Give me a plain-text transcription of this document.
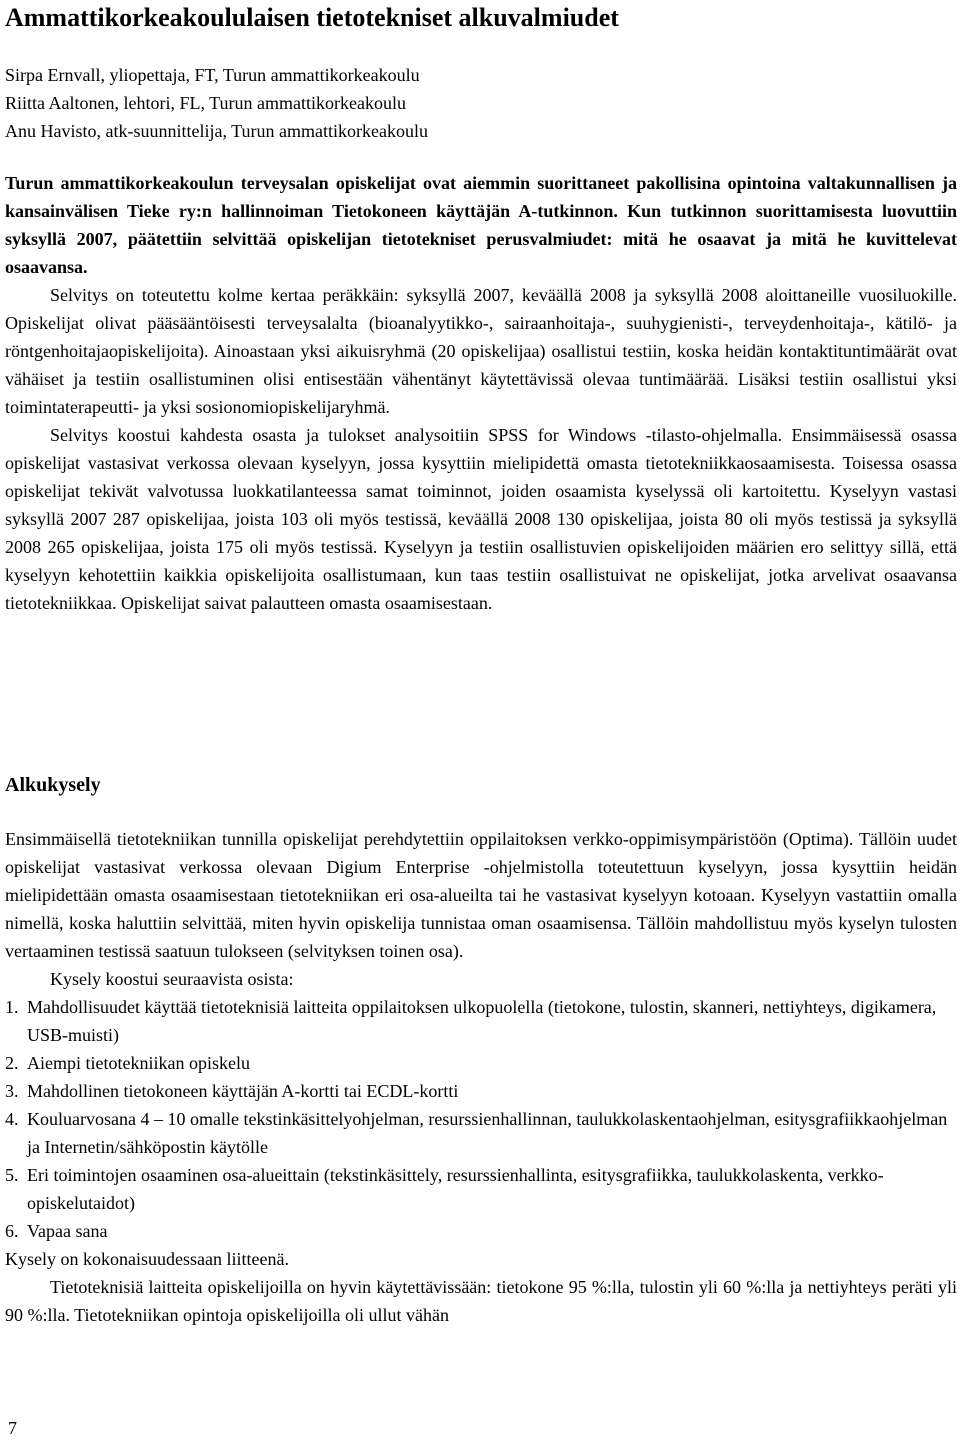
Ammattikorkeakoululaisen tietotekniset alkuvalmiudet
Sirpa Ernvall, yliopettaja, FT, Turun ammattikorkeakoulu
Riitta Aaltonen, lehtori, FL, Turun ammattikorkeakoulu
Anu Havisto, atk-suunnittelija, Turun ammattikorkeakoulu

Turun ammattikorkeakoulun terveysalan opiskelijat ovat aiemmin suorittaneet pakollisina opintoina valtakunnallisen ja kansainvälisen Tieke ry:n hallinnoiman Tietokoneen käyttäjän A-tutkinnon. Kun tutkinnon suorittamisesta luovuttiin syksyllä 2007, päätettiin selvittää opiskelijan tietotekniset perusvalmiudet: mitä he osaavat ja mitä he kuvittelevat osaavansa.

Selvitys on toteutettu kolme kertaa peräkkäin: syksyllä 2007, keväällä 2008 ja syksyllä 2008 aloittaneille vuosiluokille. Opiskelijat olivat pääsääntöisesti terveysalalta (bioanalyytikko-, sairaanhoitaja-, suuhygienisti-, terveydenhoitaja-, kätilö- ja röntgenhoitajaopiskelijoita). Ainoastaan yksi aikuisryhmä (20 opiskelijaa) osallistui testiin, koska heidän kontaktituntimäärät ovat vähäiset ja testiin osallistuminen olisi entisestään vähentänyt käytettävissä olevaa tuntimäärää. Lisäksi testiin osallistui yksi toimintaterapeutti- ja yksi sosionomiopiskelijaryhmä.

Selvitys koostui kahdesta osasta ja tulokset analysoitiin SPSS for Windows -tilasto-ohjelmalla. Ensimmäisessä osassa opiskelijat vastasivat verkossa olevaan kyselyyn, jossa kysyttiin mielipidettä omasta tietotekniikkaosaamisesta. Toisessa osassa opiskelijat tekivät valvotussa luokkatilanteessa samat toiminnot, joiden osaamista kyselyssä oli kartoitettu. Kyselyyn vastasi syksyllä 2007 287 opiskelijaa, joista 103 oli myös testissä, keväällä 2008 130 opiskelijaa, joista 80 oli myös testissä ja syksyllä 2008 265 opiskelijaa, joista 175 oli myös testissä. Kyselyyn ja testiin osallistuvien opiskelijoiden määrien ero selittyy sillä, että kyselyyn kehotettiin kaikkia opiskelijoita osallistumaan, kun taas testiin osallistuivat ne opiskelijat, jotka arvelivat osaavansa tietotekniikkaa. Opiskelijat saivat palautteen omasta osaamisestaan.

Alkukysely

Ensimmäisellä tietotekniikan tunnilla opiskelijat perehdytettiin oppilaitoksen verkko-oppimisympäristöön (Optima). Tällöin uudet opiskelijat vastasivat verkossa olevaan Digium Enterprise -ohjelmistolla toteutettuun kyselyyn, jossa kysyttiin heidän mielipidettään omasta osaamisestaan tietotekniikan eri osa-alueilta tai he vastasivat kyselyyn kotoaan. Kyselyyn vastattiin omalla nimellä, koska haluttiin selvittää, miten hyvin opiskelija tunnistaa oman osaamisensa. Tällöin mahdollistuu myös kyselyn tulosten vertaaminen testissä saatuun tulokseen (selvityksen toinen osa).

Kysely koostui seuraavista osista:

1. Mahdollisuudet käyttää tietoteknisiä laitteita oppilaitoksen ulkopuolella (tietokone, tulostin, skanneri, nettiyhteys, digikamera, USB-muisti)
2. Aiempi tietotekniikan opiskelu
3. Mahdollinen tietokoneen käyttäjän A-kortti tai ECDL-kortti
4. Kouluarvosana 4 – 10 omalle tekstinkäsittelyohjelman, resurssienhallinnan, taulukkolaskentaohjelman, esitysgrafiikkaohjelman ja Internetin/sähköpostin käytölle
5. Eri toimintojen osaaminen osa-alueittain (tekstinkäsittely, resurssienhallinta, esitysgrafiikka, taulukkolaskenta, verkko-opiskelutaidot)
6. Vapaa sana

Kysely on kokonaisuudessaan liitteenä.

Tietoteknisiä laitteita opiskelijoilla on hyvin käytettävissään: tietokone 95 %:lla, tulostin yli 60 %:lla ja nettiyhteys peräti yli 90 %:lla. Tietotekniikan opintoja opiskelijoilla oli ullut vähän

7
